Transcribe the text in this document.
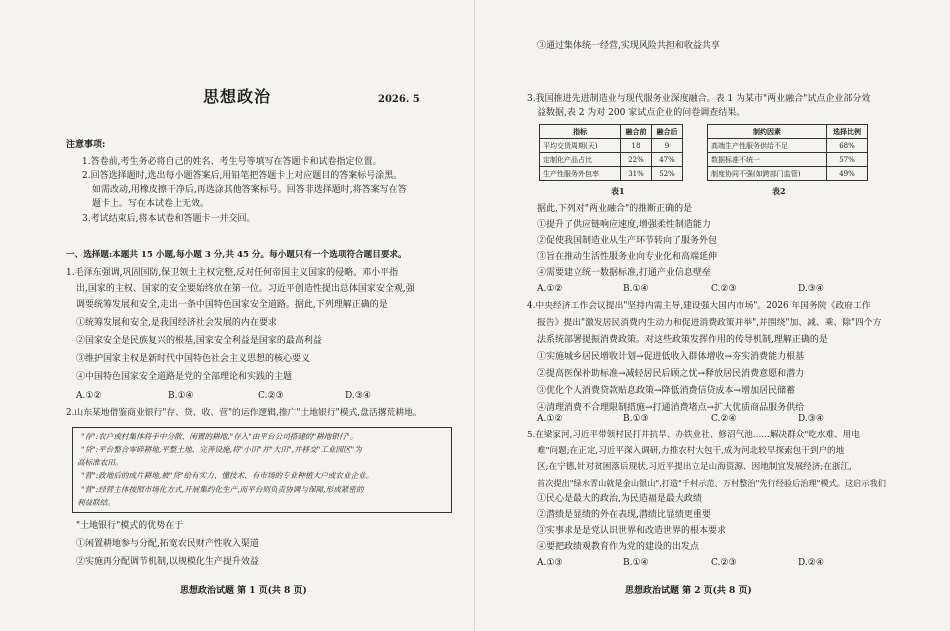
思想政治	2026. 5
注意事项:
1.答卷前,考生务必将自己的姓名、考生号等填写在答题卡和试卷指定位置。
2.回答选择题时,选出每小题答案后,用铅笔把答题卡上对应题目的答案标号涂黑。
如需改动,用橡皮擦干净后,再选涂其他答案标号。回答非选择题时,将答案写在答
题卡上。写在本试卷上无效。
3.考试结束后,将本试卷和答题卡一并交回。
一、选择题:本题共 15 小题,每小题 3 分,共 45 分。每小题只有一个选项符合题目要求。
1.毛泽东强调,巩固国防,保卫领土主权完整,反对任何帝国主义国家的侵略。邓小平指
出,国家的主权、国家的安全要始终放在第一位。习近平创造性提出总体国家安全观,强
调要统筹发展和安全,走出一条中国特色国家安全道路。据此,下列理解正确的是
①统筹发展和安全,是我国经济社会发展的内在要求
②国家安全是民族复兴的根基,国家安全利益是国家的最高利益
③维护国家主权是新时代中国特色社会主义思想的核心要义
④中国特色国家安全道路是党的全部理论和实践的主题
A.①②	B.①④	C.②③	D.③④
2.山东某地借鉴商业银行"存、贷、收、营"的运作逻辑,推广"土地银行"模式,盘活撂荒耕地。
"存":农户或村集体将手中分散、闲置的耕地,"存入"由平台公司搭建的"耕地银行"。
"贷":平台整合零碎耕地,平整土地、完善设施,将"小田"并"大田",并移交"工业园区"为
高标准农田。
"营":政地后的成片耕地,被"贷"给有实力、懂技术、有市场的专业种植大户或农业企业。
"营":经营主体按照市场化方式,开展集约化生产,而平台则负责协调与保障,形成紧密的
利益联结。
"土地银行"模式的优势在于
①闲置耕地参与分配,拓宽农民财产性收入渠道
②实施再分配调节机制,以规模化生产提升效益
思想政治试题 第 1 页(共 8 页)
③通过集体统一经营,实现风险共担和收益共享
3.我国推进先进制造业与现代服务业深度融合。表 1 为某市"两业融合"试点企业部分效
益数据,表 2 为对 200 家试点企业的问卷调查结果。
指标	融合前	融合后
平均交货周期(天)	18	9
定制化产品占比	22%	47%
生产性服务外包率	31%	52%
表1
制约因素	选择比例
高端生产性服务供给不足	68%
数据标准不统一	57%
制度协同不强(如跨部门监管)	49%
表2
据此,下列对"两业融合"的推断正确的是
①提升了供应链响应速度,增强柔性制造能力
②促使我国制造业从生产环节转向了服务外包
③旨在推动生活性服务业向专业化和高端延伸
④需要建立统一数据标准,打通产业信息壁垒
A.①②	B.①④	C.②③	D.③④
4.中央经济工作会议提出"坚持内需主导,建设强大国内市场"。2026 年国务院《政府工作
报告》提出"激发居民消费内生动力和促进消费政策并举",并围绕"加、减、乘、除"四个方
法系统部署提振消费政策。对这些政策发挥作用的传导机制,理解正确的是
①实施城乡居民增收计划→促进低收入群体增收→夯实消费能力根基
②提高医保补助标准→减轻居民后顾之忧→释放居民消费意愿和潜力
③优化个人消费贷款贴息政策→降低消费信贷成本→增加居民储蓄
④清理消费不合理限制措施→打通消费堵点→扩大优质商品服务供给
A.①②	B.①③	C.②④	D.③④
5.在梁家河,习近平带领村民打井抗旱、办铁业社、修沼气池……解决群众"吃水难、用电
难"问题;在正定,习近平深入调研,力推农村大包干,成为河北较早探索包干到户的地
区;在宁德,针对贫困落后现状,习近平提出立足山海资源、因地制宜发展经济;在浙江,
首次提出"绿水青山就是金山银山",打造"千村示范、万村整治"先行经验后治理"模式。这启示我们
①民心是最大的政治,为民造福是最大政绩
②潜绩是显绩的外在表现,潜绩比显绩更重要
③实事求是是党认识世界和改造世界的根本要求
④要把政绩观教育作为党的建设的出发点
A.①③	B.①④	C.②③	D.②④
思想政治试题 第 2 页(共 8 页)
